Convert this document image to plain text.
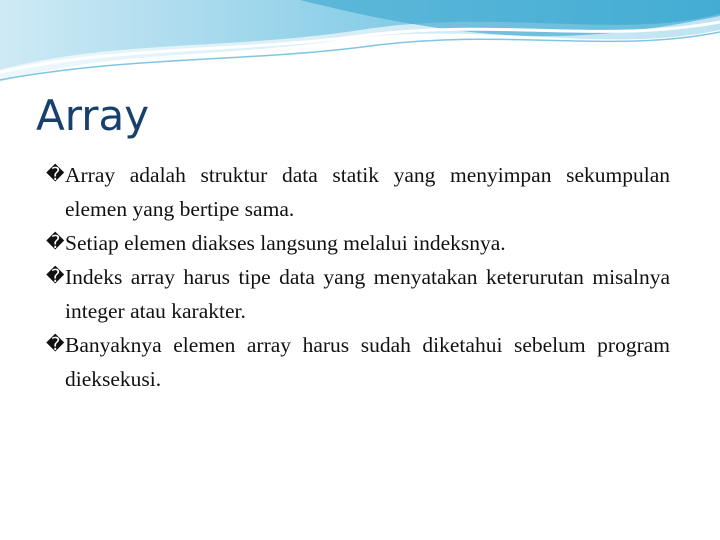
Array
� Array adalah struktur data statik yang menyimpan sekumpulan elemen yang bertipe sama.
� Setiap elemen diakses langsung melalui indeksnya.
� Indeks array harus tipe data yang menyatakan keterurutan misalnya integer atau karakter.
� Banyaknya elemen array harus sudah diketahui sebelum program dieksekusi.
